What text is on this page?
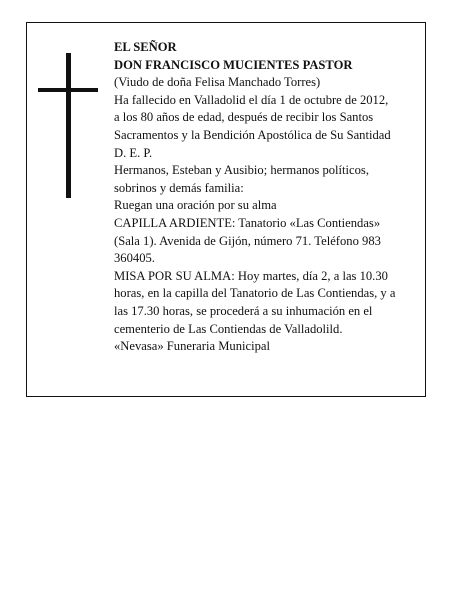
EL SEÑOR
DON FRANCISCO MUCIENTES PASTOR
(Viudo de doña Felisa Manchado Torres)
Ha fallecido en Valladolid el día 1 de octubre de 2012,
a los 80 años de edad, después de recibir los Santos
Sacramentos y la Bendición Apostólica de Su Santidad
D. E. P.
Hermanos, Esteban y Ausibio; hermanos políticos,
sobrinos y demás familia:
Ruegan una oración por su alma
CAPILLA ARDIENTE: Tanatorio «Las Contiendas»
(Sala 1). Avenida de Gijón, número 71. Teléfono 983
360405.
MISA POR SU ALMA: Hoy martes, día 2, a las 10.30
horas, en la capilla del Tanatorio de Las Contiendas, y a
las 17.30 horas, se procederá a su inhumación en el
cementerio de Las Contiendas de Valladolild.
«Nevasa» Funeraria Municipal
